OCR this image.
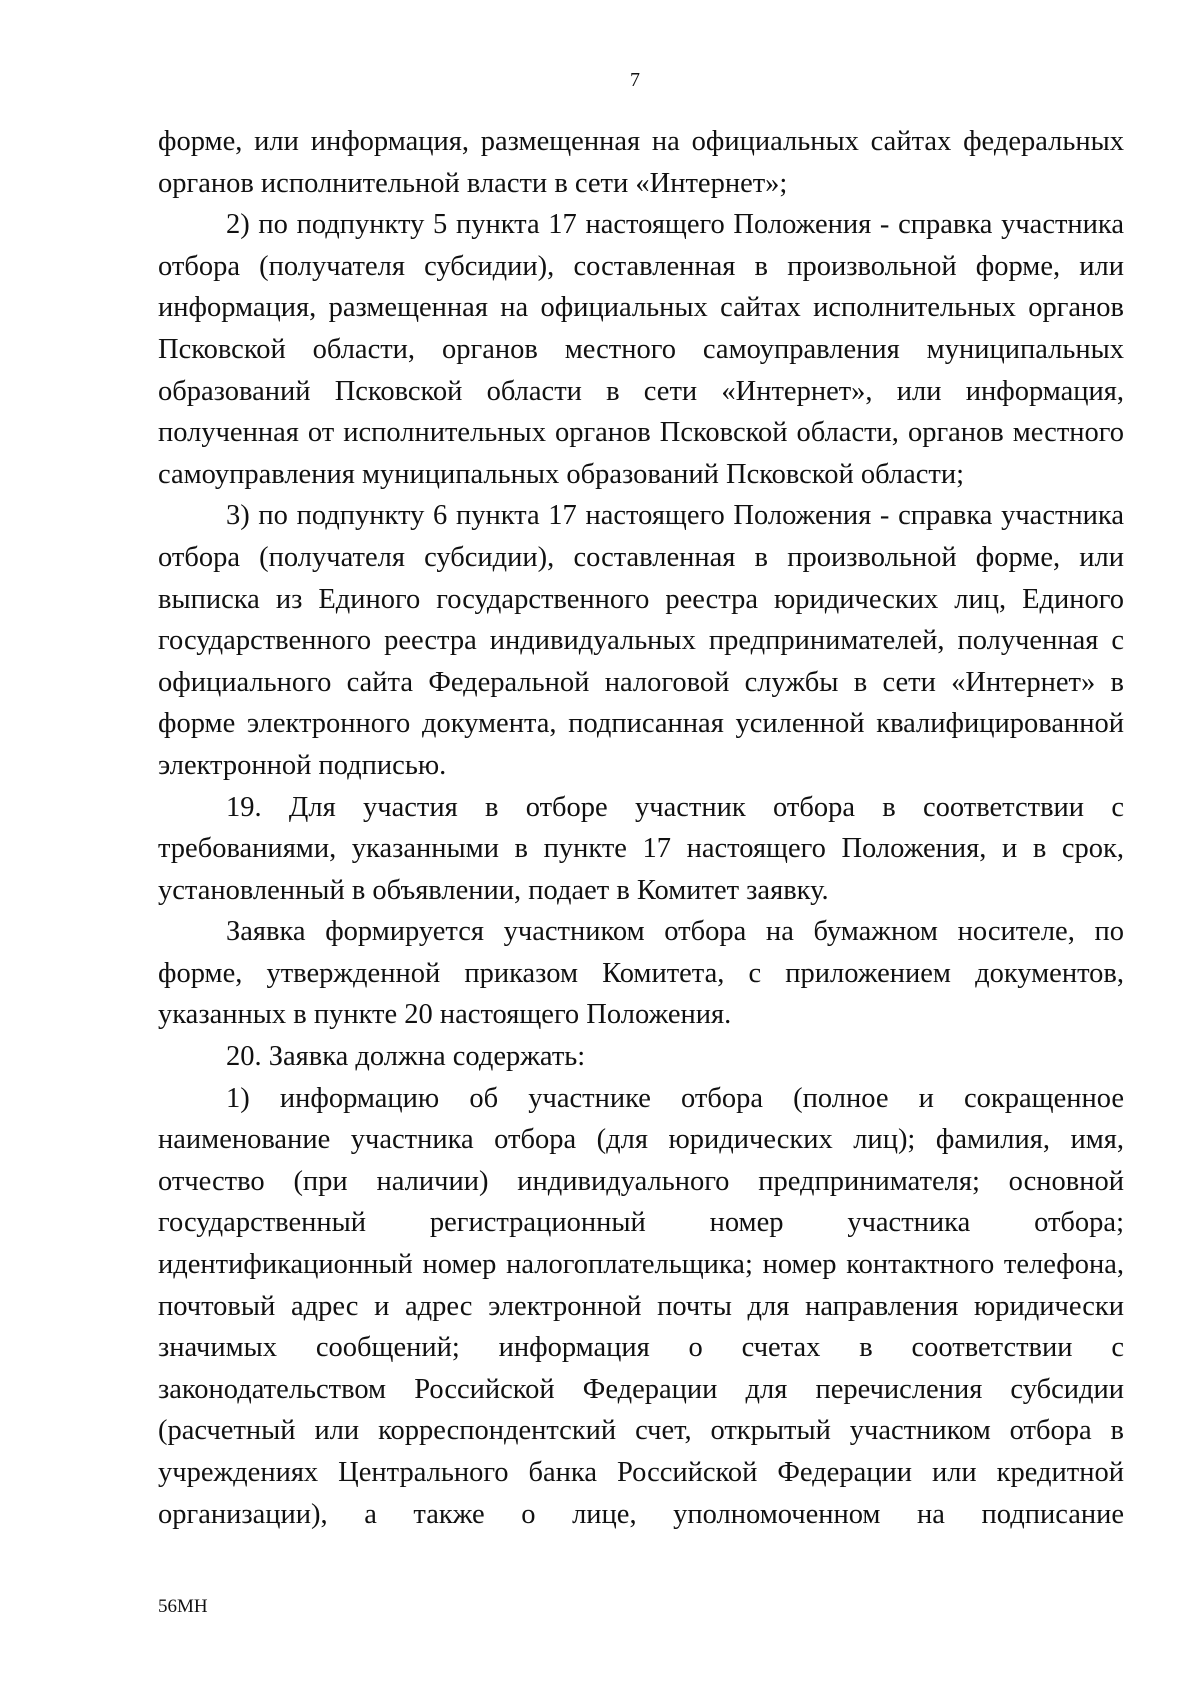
7

форме, или информация, размещенная на официальных сайтах федеральных органов исполнительной власти в сети «Интернет»;

2) по подпункту 5 пункта 17 настоящего Положения - справка участника отбора (получателя субсидии), составленная в произвольной форме, или информация, размещенная на официальных сайтах исполнительных органов Псковской области, органов местного самоуправления муниципальных образований Псковской области в сети «Интернет», или информация, полученная от исполнительных органов Псковской области, органов местного самоуправления муниципальных образований Псковской области;

3) по подпункту 6 пункта 17 настоящего Положения - справка участника отбора (получателя субсидии), составленная в произвольной форме, или выписка из Единого государственного реестра юридических лиц, Единого государственного реестра индивидуальных предпринимателей, полученная с официального сайта Федеральной налоговой службы в сети «Интернет» в форме электронного документа, подписанная усиленной квалифицированной электронной подписью.

19. Для участия в отборе участник отбора в соответствии с требованиями, указанными в пункте 17 настоящего Положения, и в срок, установленный в объявлении, подает в Комитет заявку.

Заявка формируется участником отбора на бумажном носителе, по форме, утвержденной приказом Комитета, с приложением документов, указанных в пункте 20 настоящего Положения.

20. Заявка должна содержать:

1) информацию об участнике отбора (полное и сокращенное наименование участника отбора (для юридических лиц); фамилия, имя, отчество (при наличии) индивидуального предпринимателя; основной государственный регистрационный номер участника отбора; идентификационный номер налогоплательщика; номер контактного телефона, почтовый адрес и адрес электронной почты для направления юридически значимых сообщений; информация о счетах в соответствии с законодательством Российской Федерации для перечисления субсидии (расчетный или корреспондентский счет, открытый участником отбора в учреждениях Центрального банка Российской Федерации или кредитной организации), а также о лице, уполномоченном на подписание

56МН
